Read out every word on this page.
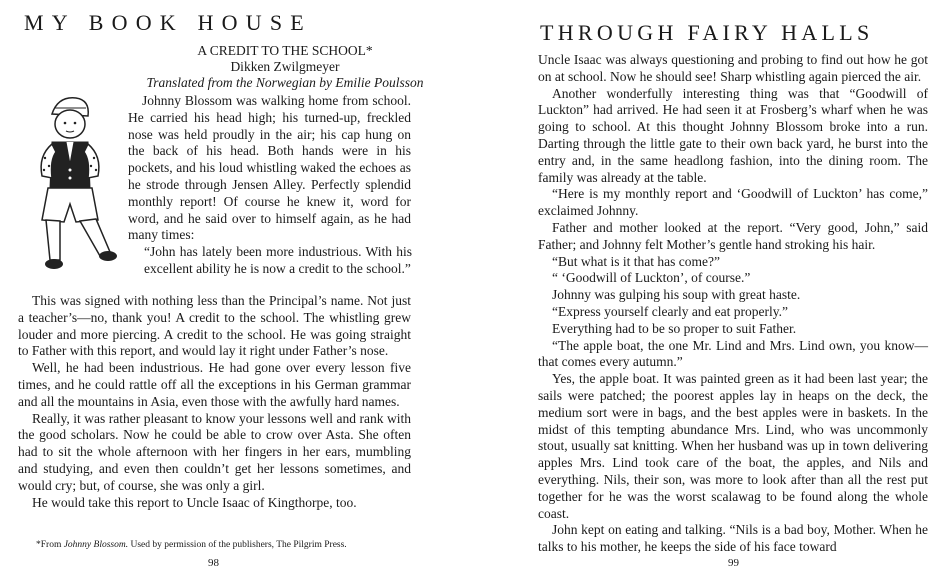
MY BOOK HOUSE
A CREDIT TO THE SCHOOL*
Dikken Zwilgmeyer
Translated from the Norwegian by Emilie Poulsson

Johnny Blossom was walking home from school. He carried his head high; his turned-up, freckled nose was held proudly in the air; his cap hung on the back of his head. Both hands were in his pockets, and his loud whistling waked the echoes as he strode through Jensen Alley. Perfectly splendid monthly report! Of course he knew it, word for word, and he said over to himself again, as he had many times:

“John has lately been more industrious. With his excellent ability he is now a credit to the school.”

This was signed with nothing less than the Principal’s name. Not just a teacher’s—no, thank you! A credit to the school. The whistling grew louder and more piercing. A credit to the school. He was going straight to Father with this report, and would lay it right under Father’s nose.

Well, he had been industrious. He had gone over every lesson five times, and he could rattle off all the exceptions in his German grammar and all the mountains in Asia, even those with the awfully hard names.

Really, it was rather pleasant to know your lessons well and rank with the good scholars. Now he could be able to crow over Asta. She often had to sit the whole afternoon with her fingers in her ears, mumbling and studying, and even then couldn’t get her lessons sometimes, and would cry; but, of course, she was only a girl.

He would take this report to Uncle Isaac of Kingthorpe, too.

*From Johnny Blossom. Used by permission of the publishers, The Pilgrim Press.
98
THROUGH FAIRY HALLS

Uncle Isaac was always questioning and probing to find out how he got on at school. Now he should see! Sharp whistling again pierced the air.

Another wonderfully interesting thing was that “Goodwill of Luckton” had arrived. He had seen it at Frosberg’s wharf when he was going to school. At this thought Johnny Blossom broke into a run. Darting through the little gate to their own back yard, he burst into the entry and, in the same headlong fashion, into the dining room. The family was already at the table.

“Here is my monthly report and ‘Goodwill of Luckton’ has come,” exclaimed Johnny.

Father and mother looked at the report. “Very good, John,” said Father; and Johnny felt Mother’s gentle hand stroking his hair.

“But what is it that has come?”

“ ‘Goodwill of Luckton’, of course.”

Johnny was gulping his soup with great haste.

“Express yourself clearly and eat properly.”

Everything had to be so proper to suit Father.

“The apple boat, the one Mr. Lind and Mrs. Lind own, you know—that comes every autumn.”

Yes, the apple boat. It was painted green as it had been last year; the sails were patched; the poorest apples lay in heaps on the deck, the medium sort were in bags, and the best apples were in baskets. In the midst of this tempting abundance Mrs. Lind, who was uncommonly stout, usually sat knitting. When her husband was up in town delivering apples Mrs. Lind took care of the boat, the apples, and Nils and everything. Nils, their son, was more to look after than all the rest put together for he was the worst scalawag to be found along the whole coast.

John kept on eating and talking. “Nils is a bad boy, Mother. When he talks to his mother, he keeps the side of his face toward

99
